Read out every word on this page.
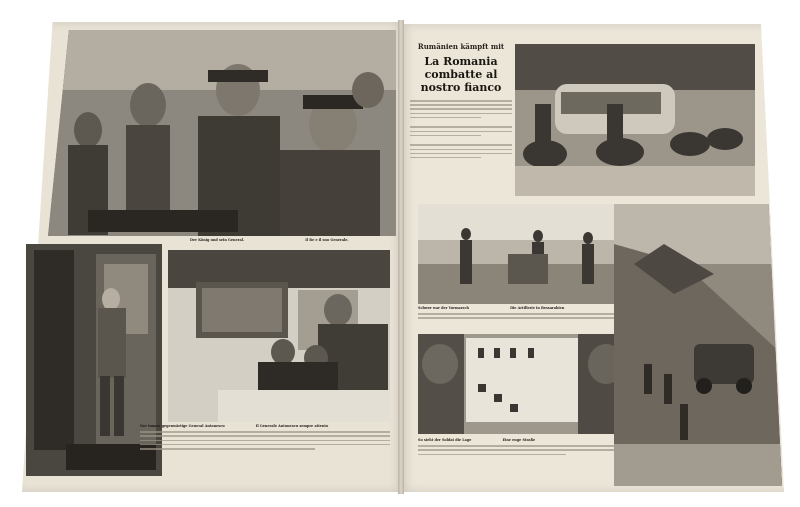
Der König und sein General.	Il Re e il suo Generale.
Der immer gegenwärtige General Antonescu	Il Generale Antonescu sempre attento
Rumänien kämpft mit
La Romania combatte al nostro fianco
Schwer war der Vormarsch	Die Artillerie in Bessarabien
So sieht der Soldat die Lage	Eine enge Straße
